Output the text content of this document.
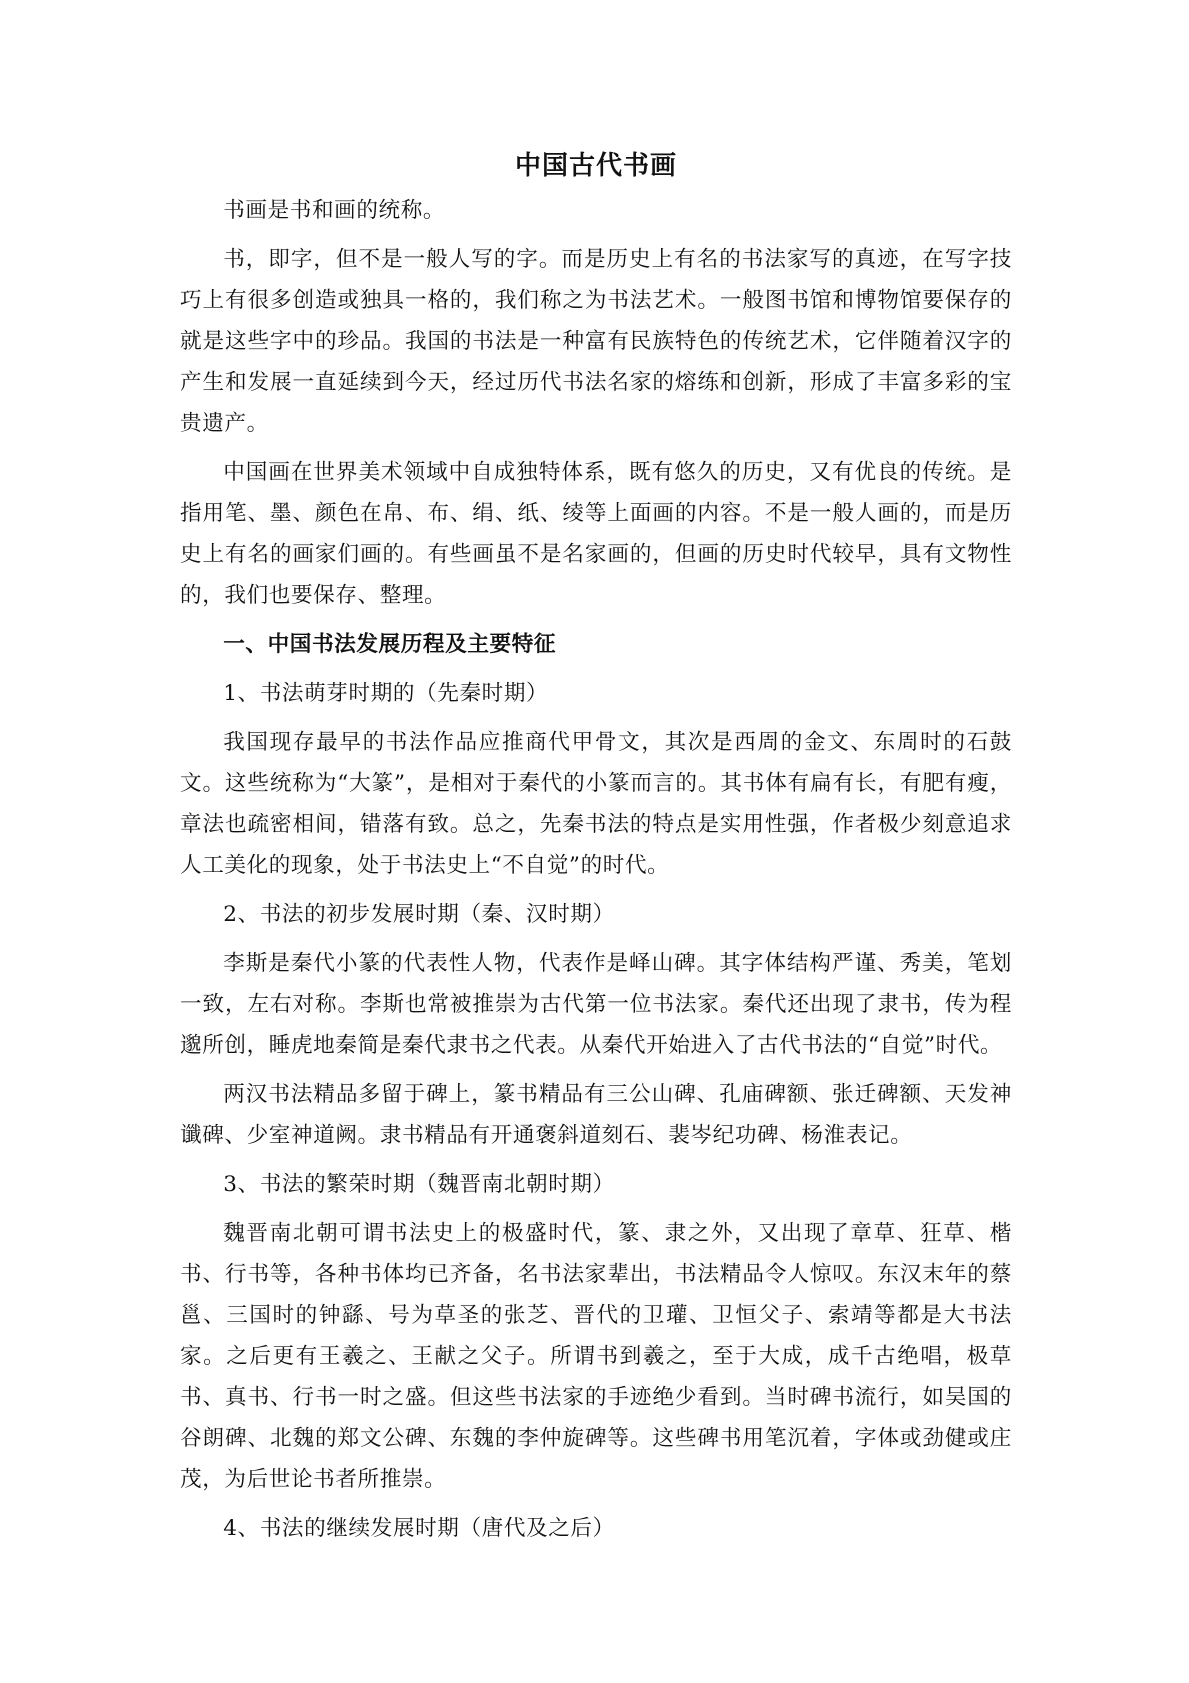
中国古代书画

书画是书和画的统称。

书，即字，但不是一般人写的字。而是历史上有名的书法家写的真迹，在写字技巧上有很多创造或独具一格的，我们称之为书法艺术。一般图书馆和博物馆要保存的就是这些字中的珍品。我国的书法是一种富有民族特色的传统艺术，它伴随着汉字的产生和发展一直延续到今天，经过历代书法名家的熔练和创新，形成了丰富多彩的宝贵遗产。

中国画在世界美术领域中自成独特体系，既有悠久的历史，又有优良的传统。是指用笔、墨、颜色在帛、布、绢、纸、绫等上面画的内容。不是一般人画的，而是历史上有名的画家们画的。有些画虽不是名家画的，但画的历史时代较早，具有文物性的，我们也要保存、整理。

一、中国书法发展历程及主要特征
1、书法萌芽时期的（先秦时期）

我国现存最早的书法作品应推商代甲骨文，其次是西周的金文、东周时的石鼓文。这些统称为“大篆”，是相对于秦代的小篆而言的。其书体有扁有长，有肥有瘦，章法也疏密相间，错落有致。总之，先秦书法的特点是实用性强，作者极少刻意追求人工美化的现象，处于书法史上“不自觉”的时代。

2、书法的初步发展时期（秦、汉时期）

李斯是秦代小篆的代表性人物，代表作是峄山碑。其字体结构严谨、秀美，笔划一致，左右对称。李斯也常被推崇为古代第一位书法家。秦代还出现了隶书，传为程邈所创，睡虎地秦简是秦代隶书之代表。从秦代开始进入了古代书法的“自觉”时代。

两汉书法精品多留于碑上，篆书精品有三公山碑、孔庙碑额、张迁碑额、天发神谶碑、少室神道阙。隶书精品有开通褒斜道刻石、裴岑纪功碑、杨淮表记。

3、书法的繁荣时期（魏晋南北朝时期）

魏晋南北朝可谓书法史上的极盛时代，篆、隶之外，又出现了章草、狂草、楷书、行书等，各种书体均已齐备，名书法家辈出，书法精品令人惊叹。东汉末年的蔡邕、三国时的钟繇、号为草圣的张芝、晋代的卫瓘、卫恒父子、索靖等都是大书法家。之后更有王羲之、王献之父子。所谓书到羲之，至于大成，成千古绝唱，极草书、真书、行书一时之盛。但这些书法家的手迹绝少看到。当时碑书流行，如吴国的谷朗碑、北魏的郑文公碑、东魏的李仲旋碑等。这些碑书用笔沉着，字体或劲健或庄茂，为后世论书者所推崇。

4、书法的继续发展时期（唐代及之后）
